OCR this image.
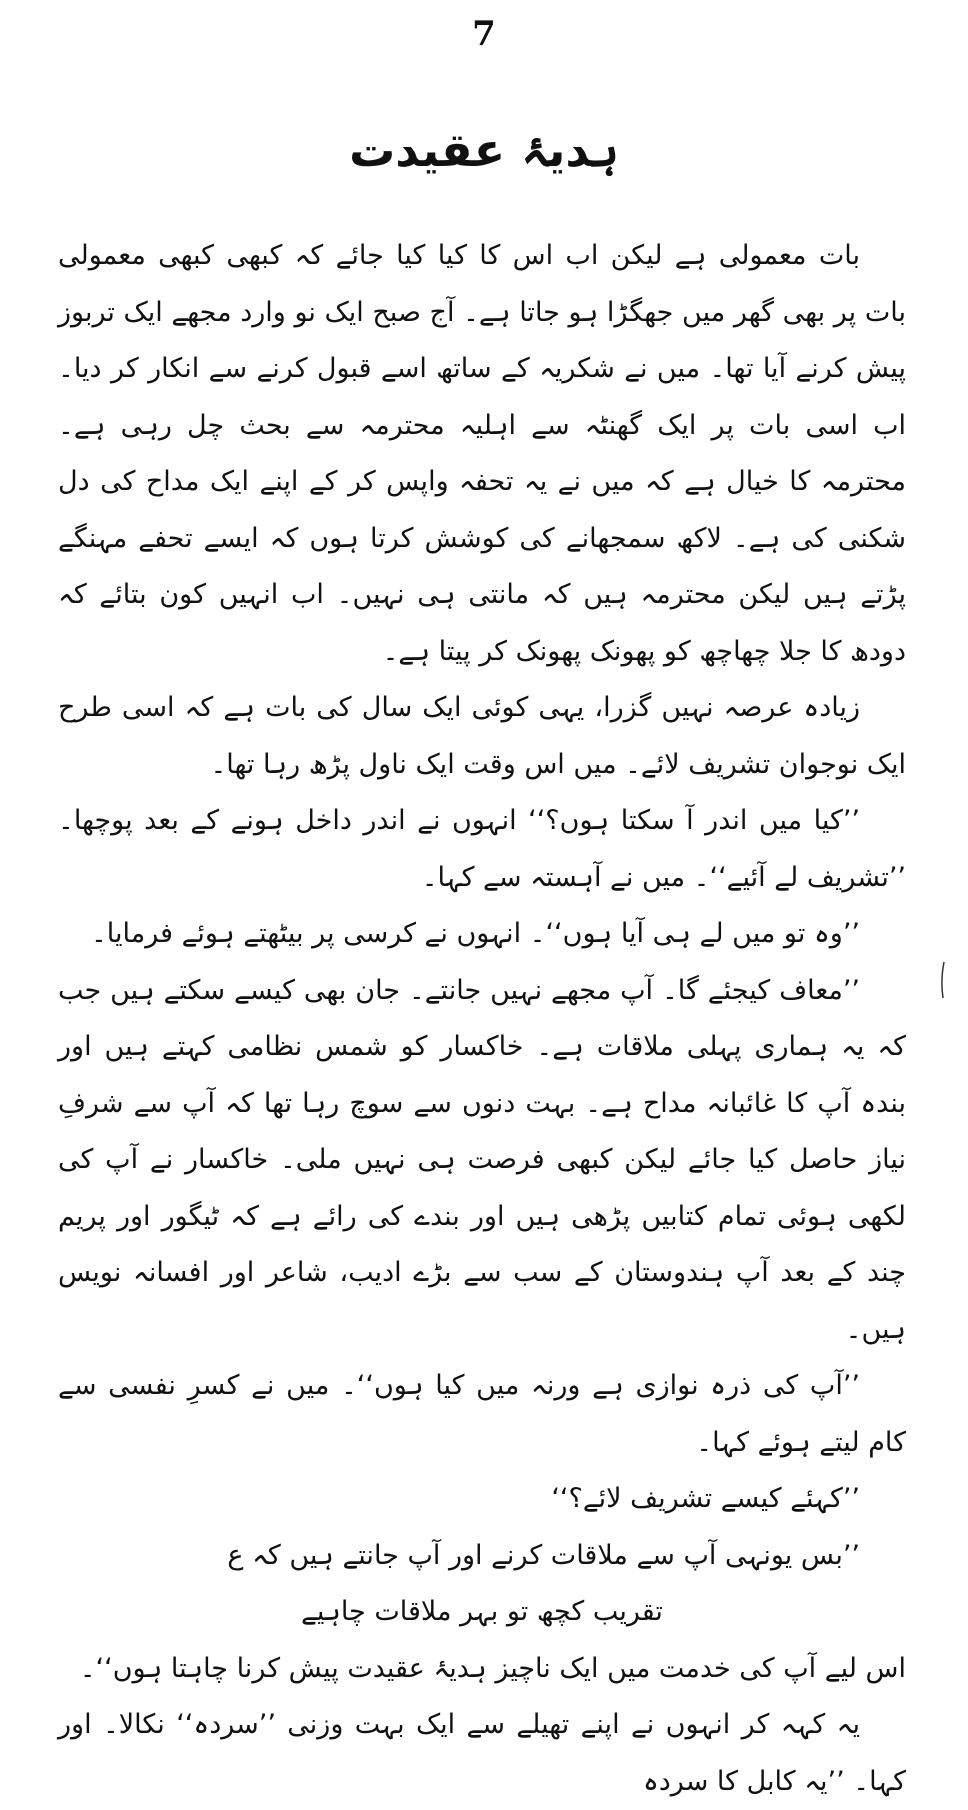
7
ہدیۂ عقیدت

بات معمولی ہے لیکن اب اس کا کیا کیا جائے کہ کبھی کبھی معمولی بات پر بھی گھر میں جھگڑا ہو جاتا ہے۔ آج صبح ایک نو وارد مجھے ایک تربوز پیش کرنے آیا تھا۔ میں نے شکریہ کے ساتھ اسے قبول کرنے سے انکار کر دیا۔ اب اسی بات پر ایک گھنٹہ سے اہلیہ محترمہ سے بحث چل رہی ہے۔ محترمہ کا خیال ہے کہ میں نے یہ تحفہ واپس کر کے اپنے ایک مداح کی دل شکنی کی ہے۔ لاکھ سمجھانے کی کوشش کرتا ہوں کہ ایسے تحفے مہنگے پڑتے ہیں لیکن محترمہ ہیں کہ مانتی ہی نہیں۔ اب انہیں کون بتائے کہ دودھ کا جلا چھاچھ کو پھونک پھونک کر پیتا ہے۔

زیادہ عرصہ نہیں گزرا، یہی کوئی ایک سال کی بات ہے کہ اسی طرح ایک نوجوان تشریف لائے۔ میں اس وقت ایک ناول پڑھ رہا تھا۔

’’کیا میں اندر آ سکتا ہوں؟‘‘ انہوں نے اندر داخل ہونے کے بعد پوچھا۔ ’’تشریف لے آئیے‘‘۔ میں نے آہستہ سے کہا۔

’’وہ تو میں لے ہی آیا ہوں‘‘۔ انہوں نے کرسی پر بیٹھتے ہوئے فرمایا۔

’’معاف کیجئے گا۔ آپ مجھے نہیں جانتے۔ جان بھی کیسے سکتے ہیں جب کہ یہ ہماری پہلی ملاقات ہے۔ خاکسار کو شمس نظامی کہتے ہیں اور بندہ آپ کا غائبانہ مداح ہے۔ بہت دنوں سے سوچ رہا تھا کہ آپ سے شرفِ نیاز حاصل کیا جائے لیکن کبھی فرصت ہی نہیں ملی۔ خاکسار نے آپ کی لکھی ہوئی تمام کتابیں پڑھی ہیں اور بندے کی رائے ہے کہ ٹیگور اور پریم چند کے بعد آپ ہندوستان کے سب سے بڑے ادیب، شاعر اور افسانہ نویس ہیں۔

’’آپ کی ذرہ نوازی ہے ورنہ میں کیا ہوں‘‘۔ میں نے کسرِ نفسی سے کام لیتے ہوئے کہا۔

’’کہئے کیسے تشریف لائے؟‘‘

’’بس یونہی آپ سے ملاقات کرنے اور آپ جانتے ہیں کہ ع

تقریب کچھ تو بہر ملاقات چاہیے

اس لیے آپ کی خدمت میں ایک ناچیز ہدیۂ عقیدت پیش کرنا چاہتا ہوں‘‘۔

یہ کہہ کر انہوں نے اپنے تھیلے سے ایک بہت وزنی ’’سردہ‘‘ نکالا۔ اور کہا۔ ’’یہ کابل کا سردہ
